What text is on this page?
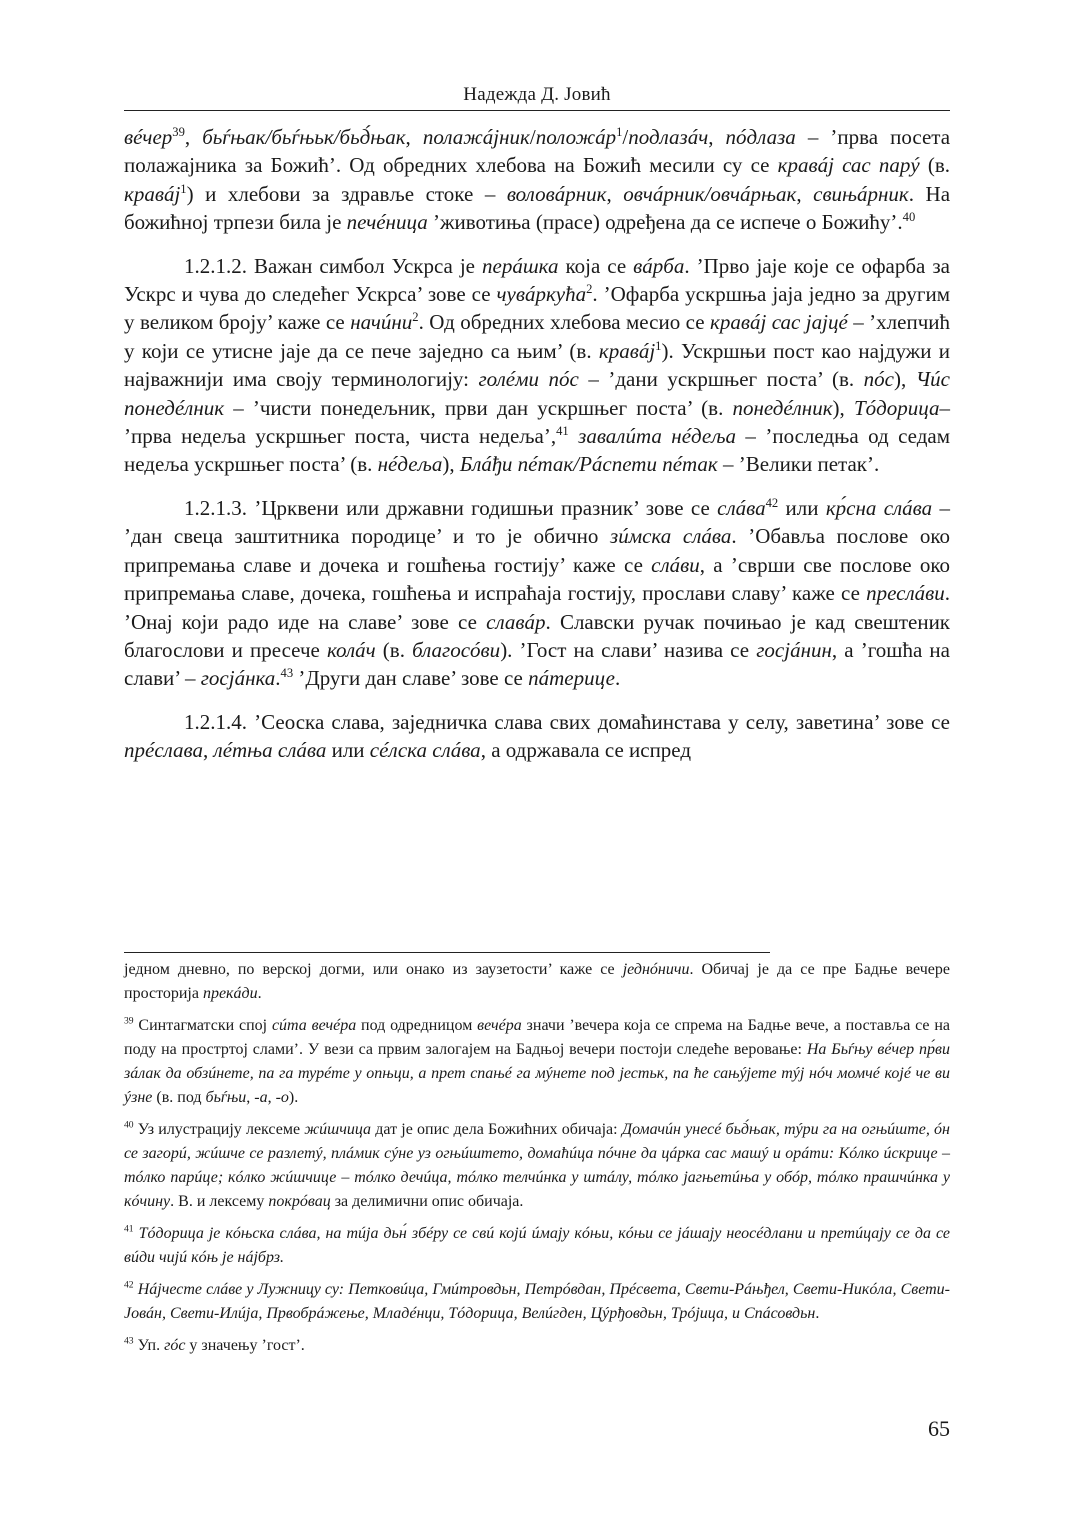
Надежда Д. Јовић

вéчер$^{39}$, бьѓњак/бьѓњьк/бьд́њак, полажáјник/положáр$^1$/подлазáч, пóдлаза – ’прва посета полажајника за Божић’. Од обредних хлебова на Божић месили су се кравáј сас парý (в. кравáј$^1$) и хлебови за здравље стоке – воловáрник, овчáрник/овчáрњак, свињáрник. На божићној трпези била је печéница ’животиња (прасе) одређена да се испече о Божићу’.$^{40}$

1.2.1.2. Важан симбол Ускрса је перáшка која се вáрба. ’Прво јаје које се офарба за Ускрс и чува до следећег Ускрса’ зове се чувáркућа$^2$. ’Офарба ускршња јаја једно за другим у великом броју’ каже се начúни$^2$. Од обредних хлебова месио се кравáј сас јајцé – ’хлепчић у који се утисне јаје да се пече заједно са њим’ (в. кравáј$^1$). Ускршњи пост као најдужи и најважнији има своју терминологију: голéми пóс – ’дани ускршњег поста’ (в. пóс), Чúс понедéлник – ’чисти понедељник, први дан ускршњег поста’ (в. понедéлник), Тóдорица– ’прва недеља ускршњег поста, чиста недеља’,$^{41}$ завалúта нéдеља – ’последња од седам недеља ускршњег поста’ (в. нéдеља), Блáђи пéтак/Рáспети пéтак – ’Велики петак’.

1.2.1.3. ’Црквени или државни годишњи празник’ зове се слáва$^{42}$ или кр́сна слáва – ’дан свеца заштитника породице’ и то је обично зúмска слáва. ’Обавља послове око припремања славе и дочека и гошћења гостију’ каже се слáви, а ’сврши све послове око припремања славе, дочека, гошћења и испраћаја гостију, прослави славу’ каже се преслáви. ’Онај који радо иде на славе’ зове се славáр. Славски ручак почињао је кад свештеник благослови и пресече колáч (в. благосóви). ’Гост на слави’ назива се госјáнин, а ’гошћа на слави’ – госјáнка.$^{43}$ ’Други дан славе’ зове се пáтерице.

1.2.1.4. ’Сеоска слава, заједничка слава свих домаћинстава у селу, заветина’ зове се прéслава, лéтња слáва или сéлска слáва, а одржавала се испред

једном дневно, по верској догми, или онако из заузетости’ каже се једнóничи. Обичај је да се пре Бадње вечере просторија прекáди.

$^{39}$ Синтагматски спој сúта вечéра под одредницом вечéра значи ’вечера која се спрема на Бадње вече, а поставља се на поду на простртој слами’. У вези са првим залогајем на Бадњој вечери постоји следеће веровање: На Бьѓњу вéчер пр́ви зáлак да обзúнете, па га турéте у опњци, а прет спањé га мýнете под јестьк, па ће сањýјете тýј нóч момчé којé че ви ýзне (в. под бьѓњи, -а, -о).

$^{40}$ Уз илустрацију лексеме жúшчица дат је опис дела Божићних обичаја: Домачúн унесé бьд́њак, тýри га на огњúште, óн се загорú, жúшче се разлетý, плáмик сýне уз огњúштето, домаћúца пóчне да цáрка сас машý и орáти: Кóлко úскрице –тóлко парúце; кóлко жúшчице – тóлко дечúца, тóлко телчúнка у штáлу, тóлко јагњетúња у обóр, тóлко прашчúнка у кóчину. В. и лексему покрóвац за делимични опис обичаја.

$^{41}$ Тóдорица је кóњска слáва, на тúја дьн́ збéру се свú којú úмају кóњи, кóњи се јáшају неосéдлани и претúцају се да се вúди чијú кóњ је нáјбрз.

$^{42}$ Нáјчесте слáве у Лужницу су: Петковúца, Гмúтровдьн, Петрóвдан, Прéсвета, Свети-Рáњђел, Свети-Никóла, Свети-Јовáн, Свети-Илúја, Првобрáжење, Младéнци, Тóдорица, Велúгден, Цýрђовдьн, Трóјица, и Спáсовдьн.

$^{43}$ Уп. гóс у значењу ’гост’.

65
